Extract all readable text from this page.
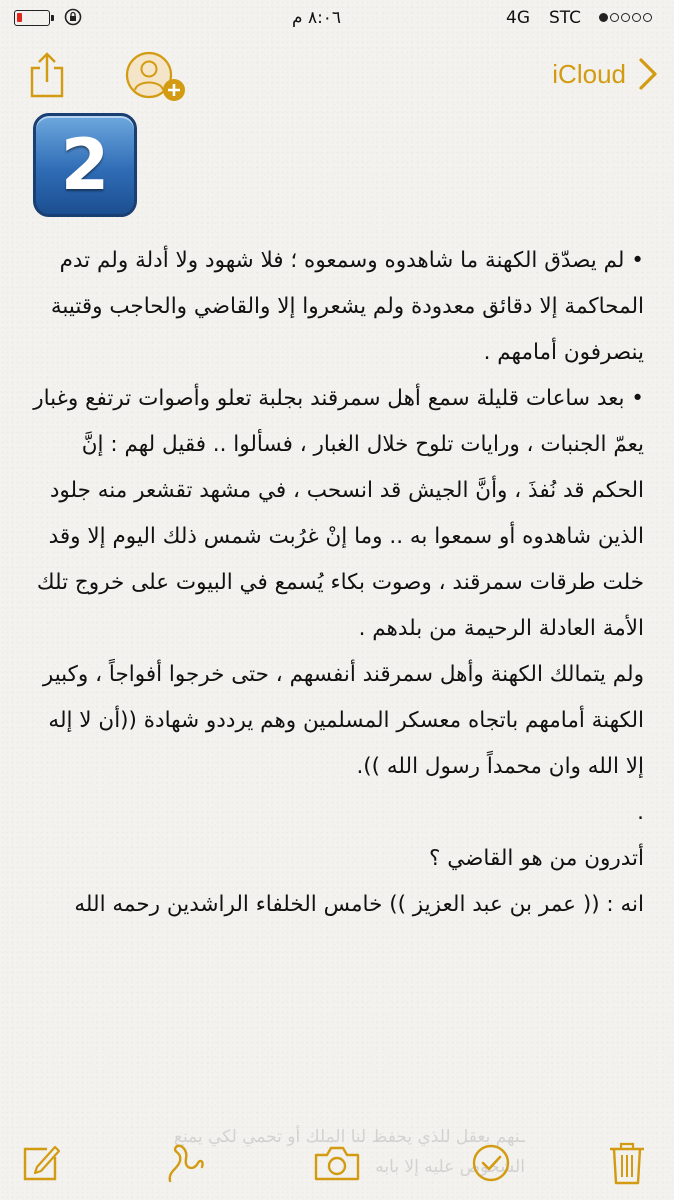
٨:٠٦ م	4G STC
iCloud
2

• لم يصدّق الكهنة ما شاهدوه وسمعوه ؛ فلا شهود ولا أدلة ولم تدم المحاكمة إلا دقائق معدودة ولم يشعروا إلا والقاضي والحاجب وقتيبة ينصرفون أمامهم .

• بعد ساعات قليلة سمع أهل سمرقند بجلبة تعلو وأصوات ترتفع وغبار يعمّ الجنبات ، ورايات تلوح خلال الغبار ، فسألوا .. فقيل لهم : إنَّ الحكم قد نُفذَ ، وأنَّ الجيش قد انسحب ، في مشهد تقشعر منه جلود الذين شاهدوه أو سمعوا به .. وما إنْ غرُبت شمس ذلك اليوم إلا وقد خلت طرقات سمرقند ، وصوت بكاء يُسمع في البيوت على خروج تلك الأمة العادلة الرحيمة من بلدهم .

ولم يتمالك الكهنة وأهل سمرقند أنفسهم ، حتى خرجوا أفواجاً ، وكبير الكهنة أمامهم باتجاه معسكر المسلمين وهم يرددو شهادة ((أن لا إله إلا الله وان محمداً رسول الله )).

.

أتدرون من هو القاضي ؟

انه : (( عمر بن عبد العزيز )) خامس الخلفاء الراشدين رحمه الله

ـنهم بعقل للذي يحفظ لنا الملك أو تحمي لكي يمنع الشخوص عليه إلا بابه
